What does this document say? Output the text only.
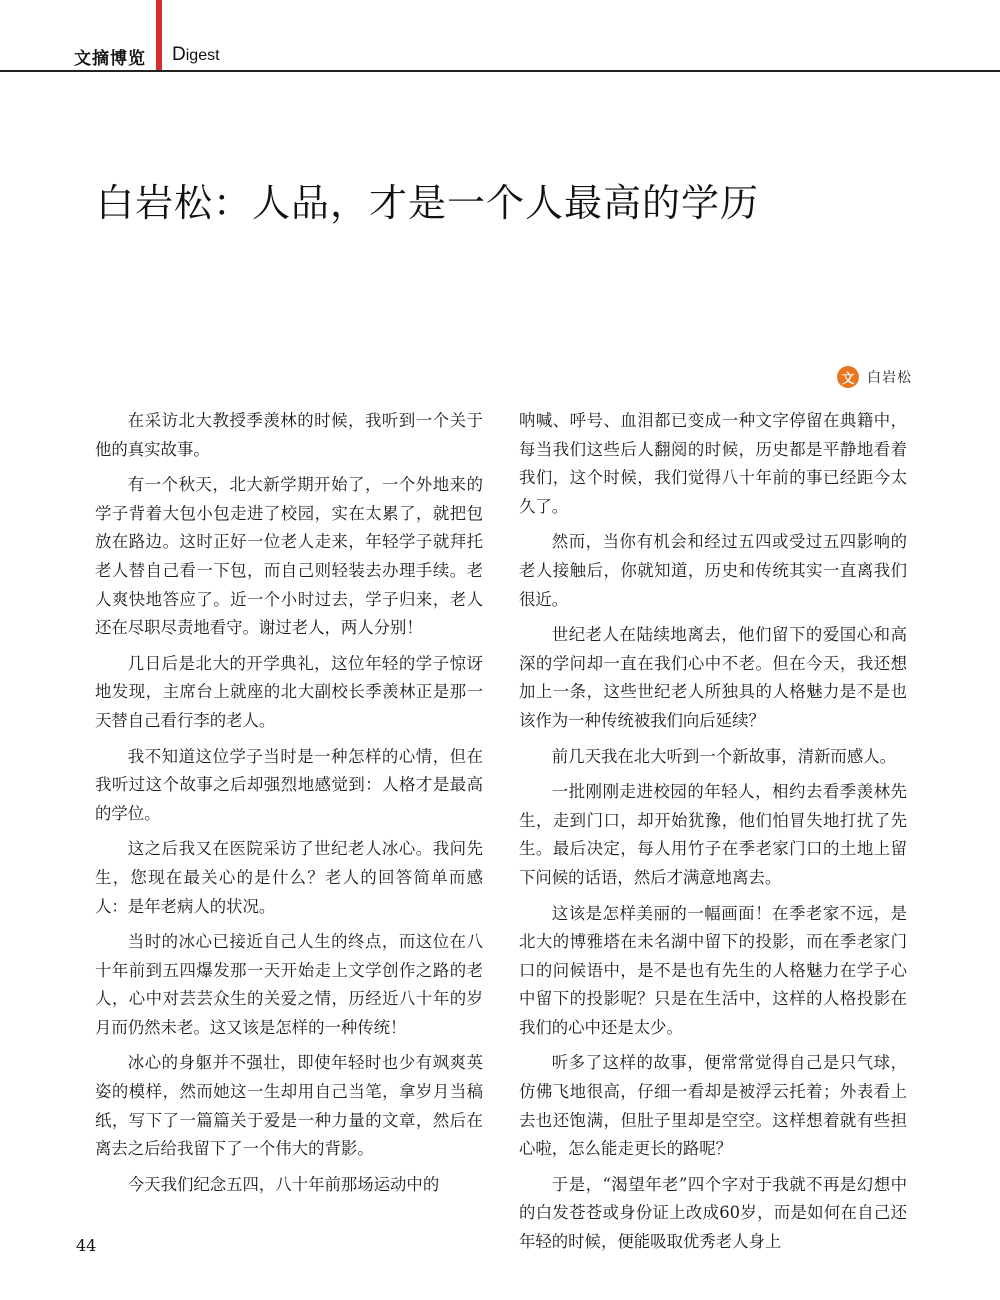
文摘博览 Digest
白岩松：人品，才是一个人最高的学历
文 白岩松

在采访北大教授季羡林的时候，我听到一个关于他的真实故事。

有一个秋天，北大新学期开始了，一个外地来的学子背着大包小包走进了校园，实在太累了，就把包放在路边。这时正好一位老人走来，年轻学子就拜托老人替自己看一下包，而自己则轻装去办理手续。老人爽快地答应了。近一个小时过去，学子归来，老人还在尽职尽责地看守。谢过老人，两人分别！

几日后是北大的开学典礼，这位年轻的学子惊讶地发现，主席台上就座的北大副校长季羡林正是那一天替自己看行李的老人。

我不知道这位学子当时是一种怎样的心情，但在我听过这个故事之后却强烈地感觉到：人格才是最高的学位。

这之后我又在医院采访了世纪老人冰心。我问先生，您现在最关心的是什么？老人的回答简单而感人：是年老病人的状况。

当时的冰心已接近自己人生的终点，而这位在八十年前到五四爆发那一天开始走上文学创作之路的老人，心中对芸芸众生的关爱之情，历经近八十年的岁月而仍然未老。这又该是怎样的一种传统！

冰心的身躯并不强壮，即使年轻时也少有飒爽英姿的模样，然而她这一生却用自己当笔，拿岁月当稿纸，写下了一篇篇关于爱是一种力量的文章，然后在离去之后给我留下了一个伟大的背影。

今天我们纪念五四，八十年前那场运动中的

呐喊、呼号、血泪都已变成一种文字停留在典籍中，每当我们这些后人翻阅的时候，历史都是平静地看着我们，这个时候，我们觉得八十年前的事已经距今太久了。

然而，当你有机会和经过五四或受过五四影响的老人接触后，你就知道，历史和传统其实一直离我们很近。

世纪老人在陆续地离去，他们留下的爱国心和高深的学问却一直在我们心中不老。但在今天，我还想加上一条，这些世纪老人所独具的人格魅力是不是也该作为一种传统被我们向后延续？

前几天我在北大听到一个新故事，清新而感人。

一批刚刚走进校园的年轻人，相约去看季羡林先生，走到门口，却开始犹豫，他们怕冒失地打扰了先生。最后决定，每人用竹子在季老家门口的土地上留下问候的话语，然后才满意地离去。

这该是怎样美丽的一幅画面！在季老家不远，是北大的博雅塔在未名湖中留下的投影，而在季老家门口的问候语中，是不是也有先生的人格魅力在学子心中留下的投影呢？只是在生活中，这样的人格投影在我们的心中还是太少。

听多了这样的故事，便常常觉得自己是只气球，仿佛飞地很高，仔细一看却是被浮云托着；外表看上去也还饱满，但肚子里却是空空。这样想着就有些担心啦，怎么能走更长的路呢？

于是，“渴望年老”四个字对于我就不再是幻想中的白发苍苍或身份证上改成60岁，而是如何在自己还年轻的时候，便能吸取优秀老人身上

44
